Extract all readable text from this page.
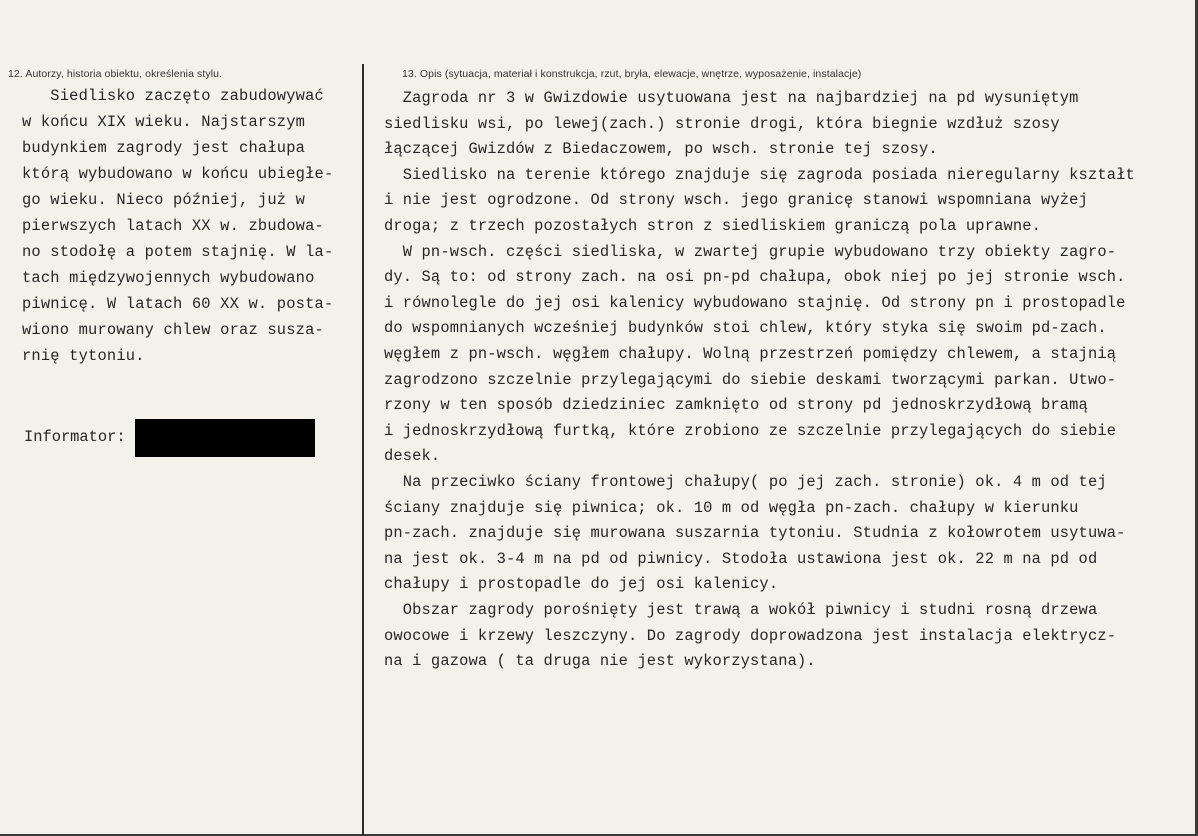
12. Autorzy, historia obiektu, określenia stylu.	13. Opis (sytuacja, materiał i konstrukcja, rzut, bryła, elewacje, wnętrze, wyposażenie, instalacje)
Siedlisko zaczęto zabudowywać
w końcu XIX wieku. Najstarszym
budynkiem zagrody jest chałupa
którą wybudowano w końcu ubiegłe-
go wieku. Nieco później, już w
pierwszych latach XX w. zbudowa-
no stodołę a potem stajnię. W la-
tach międzywojennych wybudowano
piwnicę. W latach 60 XX w. posta-
wiono murowany chlew oraz susza-
rnię tytoniu.
Informator:
Zagroda nr 3 w Gwizdowie usytuowana jest na najbardziej na pd wysuniętym
siedlisku wsi, po lewej(zach.) stronie drogi, która biegnie wzdłuż szosy
łączącej Gwizdów z Biedaczowem, po wsch. stronie tej szosy.
Siedlisko na terenie którego znajduje się zagroda posiada nieregularny kształt
i nie jest ogrodzone. Od strony wsch. jego granicę stanowi wspomniana wyżej
droga; z trzech pozostałych stron z siedliskiem graniczą pola uprawne.
W pn-wsch. części siedliska, w zwartej grupie wybudowano trzy obiekty zagro-
dy. Są to: od strony zach. na osi pn-pd chałupa, obok niej po jej stronie wsch.
i równolegle do jej osi kalenicy wybudowano stajnię. Od strony pn i prostopadle
do wspomnianych wcześniej budynków stoi chlew, który styka się swoim pd-zach.
węgłem z pn-wsch. węgłem chałupy. Wolną przestrzeń pomiędzy chlewem, a stajnią
zagrodzono szczelnie przylegającymi do siebie deskami tworzącymi parkan. Utwo-
rzony w ten sposób dziedziniec zamknięto od strony pd jednoskrzydłową bramą
i jednoskrzydłową furtką, które zrobiono ze szczelnie przylegających do siebie
desek.
Na przeciwko ściany frontowej chałupy( po jej zach. stronie) ok. 4 m od tej
ściany znajduje się piwnica; ok. 10 m od węgła pn-zach. chałupy w kierunku
pn-zach. znajduje się murowana suszarnia tytoniu. Studnia z kołowrotem usytuwa-
na jest ok. 3-4 m na pd od piwnicy. Stodoła ustawiona jest ok. 22 m na pd od
chałupy i prostopadle do jej osi kalenicy.
Obszar zagrody porośnięty jest trawą a wokół piwnicy i studni rosną drzewa
owocowe i krzewy leszczyny. Do zagrody doprowadzona jest instalacja elektrycz-
na i gazowa ( ta druga nie jest wykorzystana).
